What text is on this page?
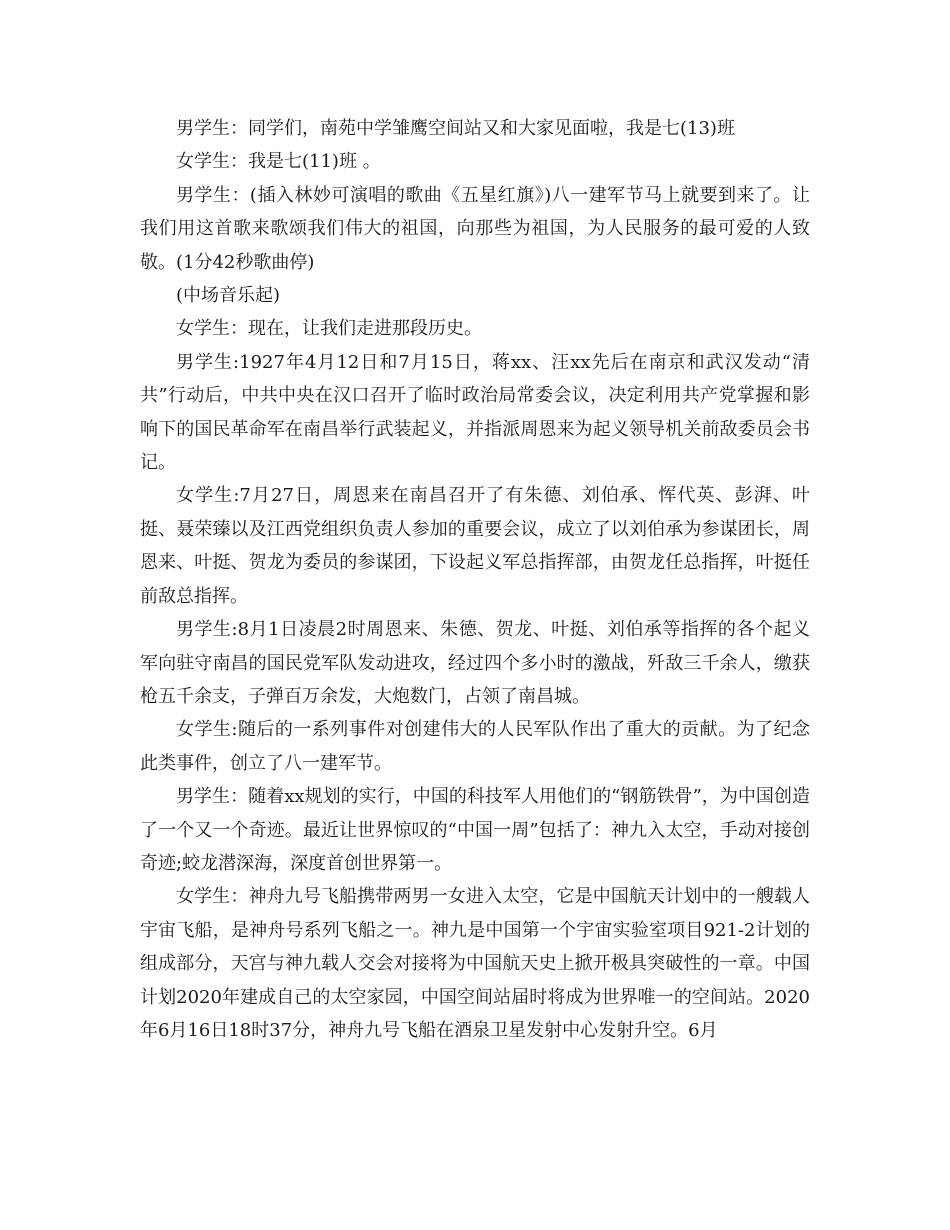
男学生：同学们，南苑中学雏鹰空间站又和大家见面啦，我是七(13)班

女学生：我是七(11)班 。

男学生：(插入林妙可演唱的歌曲《五星红旗》)八一建军节马上就要到来了。让我们用这首歌来歌颂我们伟大的祖国，向那些为祖国，为人民服务的最可爱的人致敬。(1分42秒歌曲停)

(中场音乐起)

女学生：现在，让我们走进那段历史。

男学生:1927年4月12日和7月15日，蒋xx、汪xx先后在南京和武汉发动“清共”行动后，中共中央在汉口召开了临时政治局常委会议，决定利用共产党掌握和影响下的国民革命军在南昌举行武装起义，并指派周恩来为起义领导机关前敌委员会书记。

女学生:7月27日，周恩来在南昌召开了有朱德、刘伯承、恽代英、彭湃、叶挺、聂荣臻以及江西党组织负责人参加的重要会议，成立了以刘伯承为参谋团长，周恩来、叶挺、贺龙为委员的参谋团，下设起义军总指挥部，由贺龙任总指挥，叶挺任前敌总指挥。

男学生:8月1日凌晨2时周恩来、朱德、贺龙、叶挺、刘伯承等指挥的各个起义军向驻守南昌的国民党军队发动进攻，经过四个多小时的激战，歼敌三千余人，缴获枪五千余支，子弹百万余发，大炮数门，占领了南昌城。

女学生:随后的一系列事件对创建伟大的人民军队作出了重大的贡献。为了纪念此类事件，创立了八一建军节。

男学生：随着xx规划的实行，中国的科技军人用他们的“钢筋铁骨”，为中国创造了一个又一个奇迹。最近让世界惊叹的“中国一周”包括了：神九入太空，手动对接创奇迹;蛟龙潜深海，深度首创世界第一。

女学生：神舟九号飞船携带两男一女进入太空，它是中国航天计划中的一艘载人宇宙飞船，是神舟号系列飞船之一。神九是中国第一个宇宙实验室项目921-2计划的组成部分，天宫与神九载人交会对接将为中国航天史上掀开极具突破性的一章。中国计划2020年建成自己的太空家园，中国空间站届时将成为世界唯一的空间站。2020年6月16日18时37分，神舟九号飞船在酒泉卫星发射中心发射升空。6月
